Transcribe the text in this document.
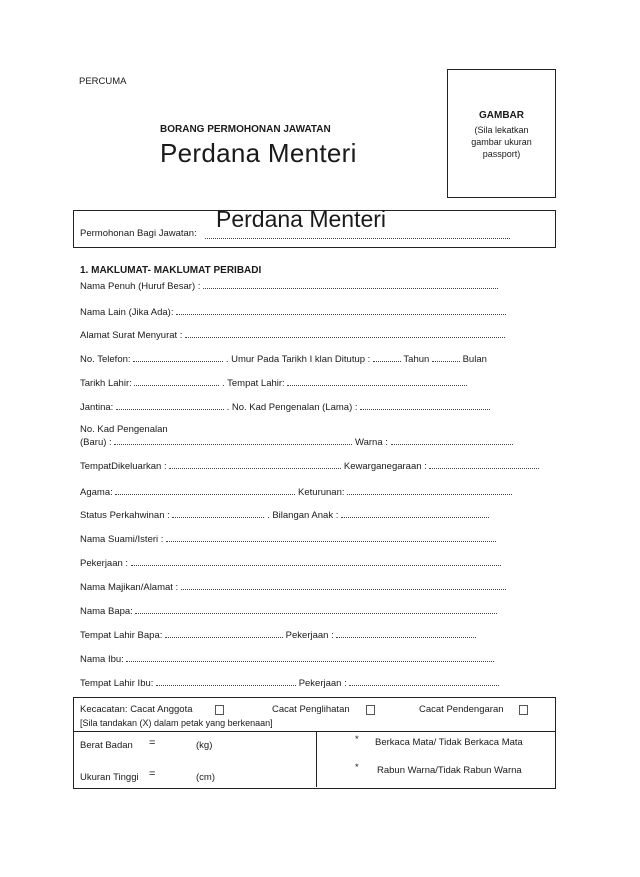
PERCUMA
BORANG PERMOHONAN JAWATAN
Perdana Menteri
GAMBAR
(Sila lekatkan
gambar ukuran
passport)
Permohonan Bagi Jawatan:
Perdana Menteri
1. MAKLUMAT- MAKLUMAT PERIBADI
Nama Penuh (Huruf Besar) :
Nama Lain (Jika Ada):
Alamat Surat Menyurat :
No. Telefon:	. Umur Pada Tarikh I klan Ditutup :	Tahun	Bulan
Tarikh Lahir:	. Tempat Lahir:
Jantina:	. No. Kad Pengenalan (Lama) :
No. Kad Pengenalan
(Baru) :	Warna :
TempatDikeluarkan :	Kewarganegaraan :
Agama:	Keturunan:
Status Perkahwinan :	. Bilangan Anak :
Nama Suami/Isteri :
Pekerjaan :
Nama Majikan/Alamat :
Nama Bapa:
Tempat Lahir Bapa:	Pekerjaan :
Nama Ibu:
Tempat Lahir Ibu:	Pekerjaan :
Kecacatan: Cacat Anggota	Cacat Penglihatan	Cacat Pendengaran
[Sila tandakan (X) dalam petak yang berkenaan]
Berat Badan =	(kg)
Ukuran Tinggi =	(cm)
* Berkaca Mata/ Tidak Berkaca Mata
* Rabun Warna/Tidak Rabun Warna
